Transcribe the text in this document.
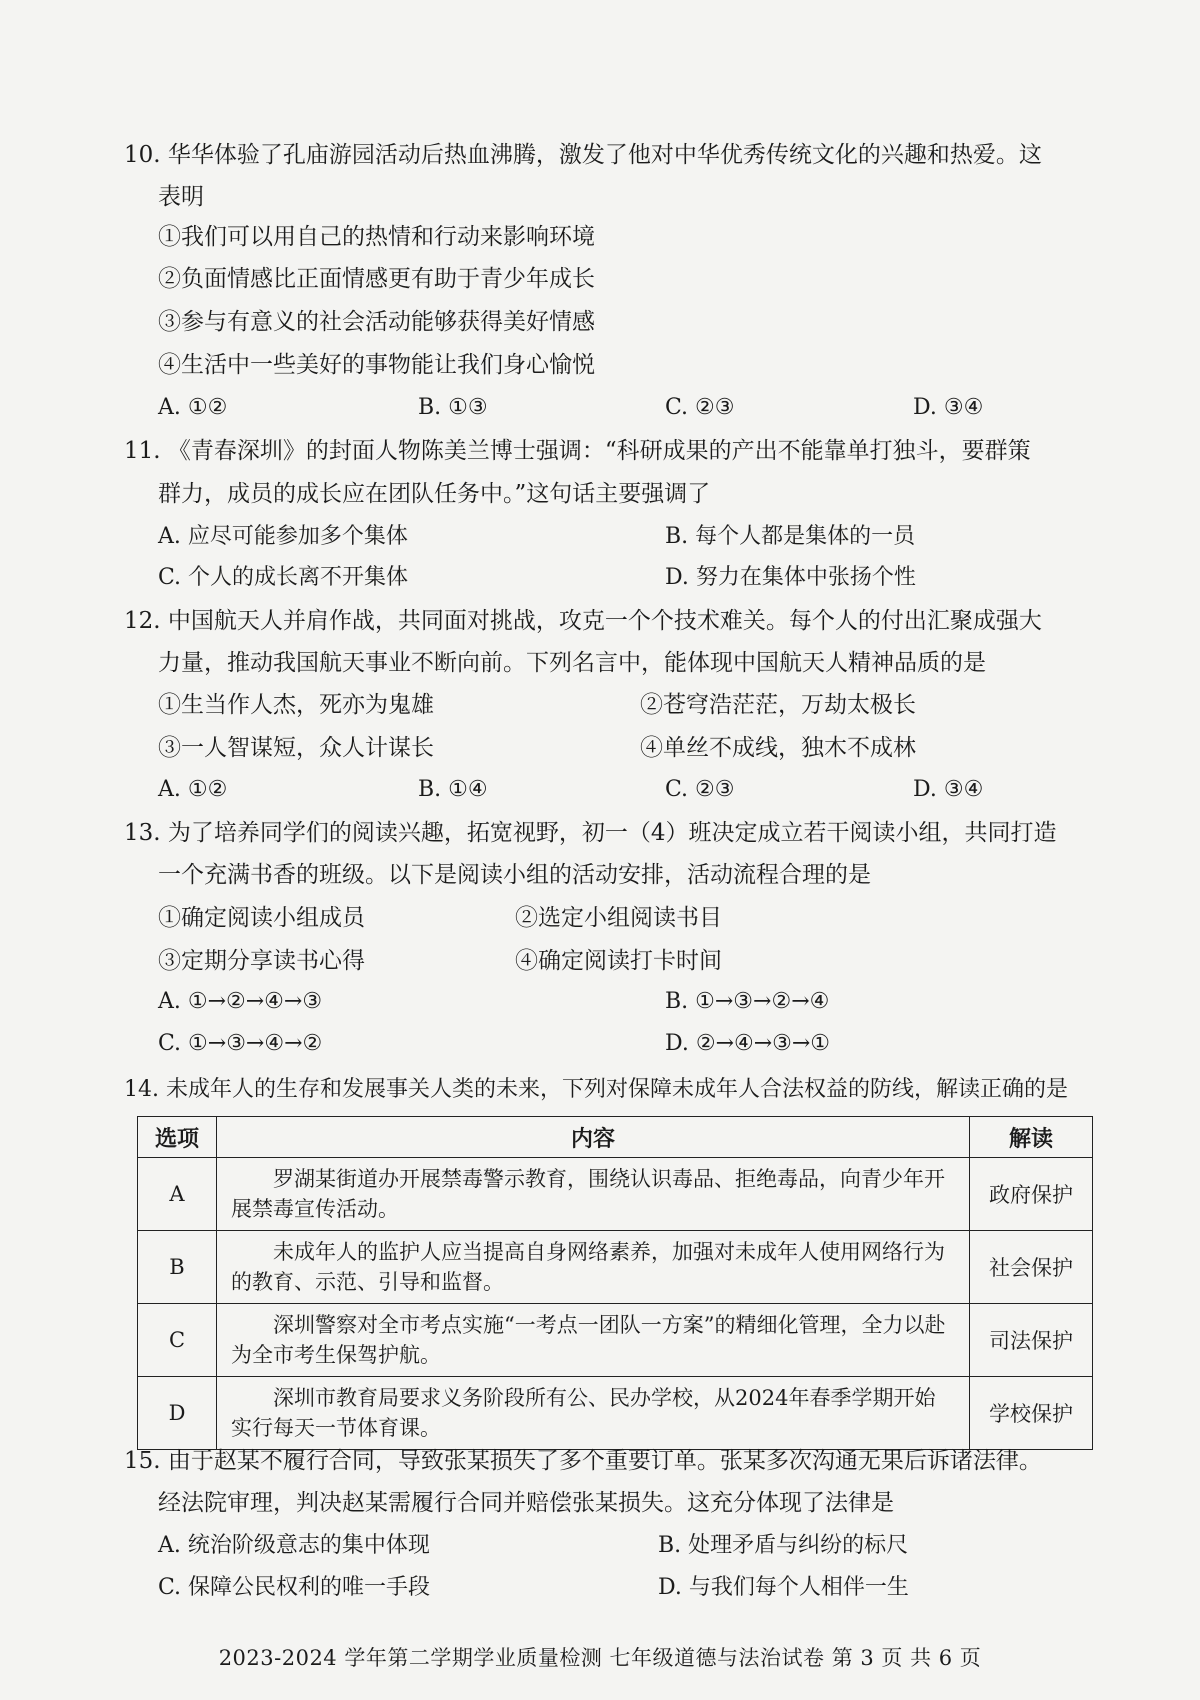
10. 华华体验了孔庙游园活动后热血沸腾，激发了他对中华优秀传统文化的兴趣和热爱。这
表明
①我们可以用自己的热情和行动来影响环境
②负面情感比正面情感更有助于青少年成长
③参与有意义的社会活动能够获得美好情感
④生活中一些美好的事物能让我们身心愉悦
A. ①②	B. ①③	C. ②③	D. ③④
11. 《青春深圳》的封面人物陈美兰博士强调：“科研成果的产出不能靠单打独斗，要群策
群力，成员的成长应在团队任务中。”这句话主要强调了
A. 应尽可能参加多个集体	B. 每个人都是集体的一员
C. 个人的成长离不开集体	D. 努力在集体中张扬个性
12. 中国航天人并肩作战，共同面对挑战，攻克一个个技术难关。每个人的付出汇聚成强大
力量，推动我国航天事业不断向前。下列名言中，能体现中国航天人精神品质的是
①生当作人杰，死亦为鬼雄	②苍穹浩茫茫，万劫太极长
③一人智谋短，众人计谋长	④单丝不成线，独木不成林
A. ①②	B. ①④	C. ②③	D. ③④
13. 为了培养同学们的阅读兴趣，拓宽视野，初一（4）班决定成立若干阅读小组，共同打造
一个充满书香的班级。以下是阅读小组的活动安排，活动流程合理的是
①确定阅读小组成员	②选定小组阅读书目
③定期分享读书心得	④确定阅读打卡时间
A. ①→②→④→③	B. ①→③→②→④
C. ①→③→④→②	D. ②→④→③→①
14. 未成年人的生存和发展事关人类的未来，下列对保障未成年人合法权益的防线，解读正确的是
选项	内容	解读
A	罗湖某街道办开展禁毒警示教育，围绕认识毒品、拒绝毒品，向青少年开展禁毒宣传活动。	政府保护
B	未成年人的监护人应当提高自身网络素养，加强对未成年人使用网络行为的教育、示范、引导和监督。	社会保护
C	深圳警察对全市考点实施“一考点一团队一方案”的精细化管理，全力以赴为全市考生保驾护航。	司法保护
D	深圳市教育局要求义务阶段所有公、民办学校，从2024年春季学期开始实行每天一节体育课。	学校保护
15. 由于赵某不履行合同，导致张某损失了多个重要订单。张某多次沟通无果后诉诸法律。
经法院审理，判决赵某需履行合同并赔偿张某损失。这充分体现了法律是
A. 统治阶级意志的集中体现	B. 处理矛盾与纠纷的标尺
C. 保障公民权利的唯一手段	D. 与我们每个人相伴一生
2023-2024 学年第二学期学业质量检测 七年级道德与法治试卷 第 3 页 共 6 页
